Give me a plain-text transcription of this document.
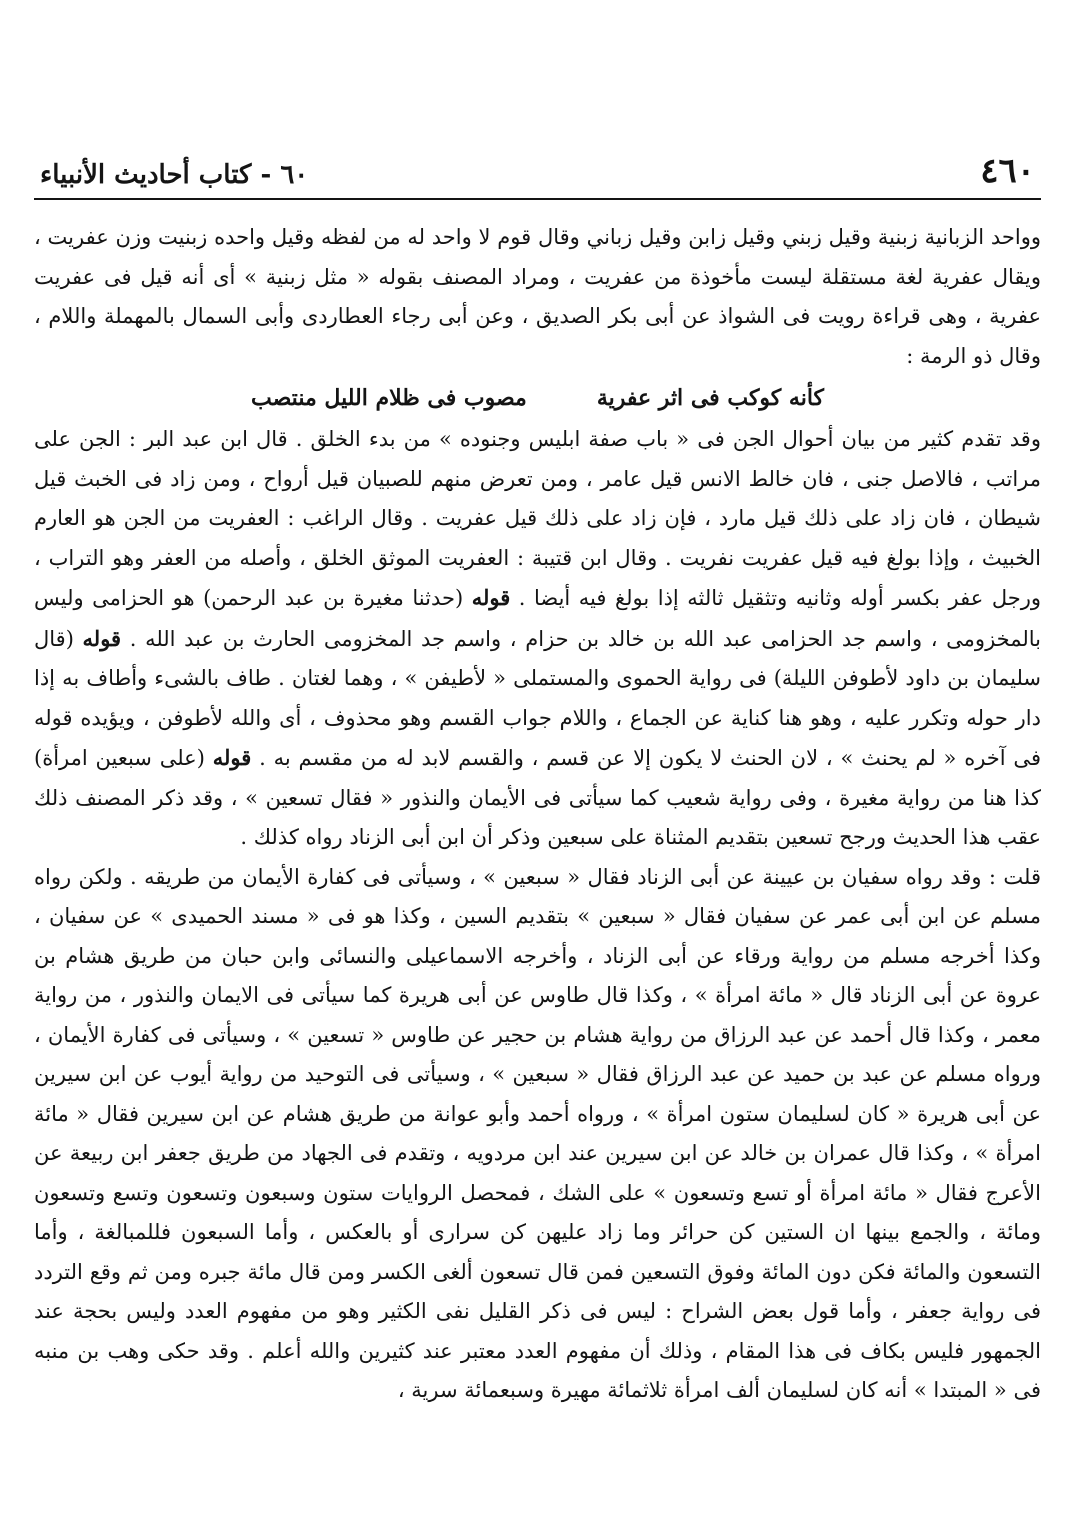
٤٦٠
٦٠ - كتاب أحاديث الأنبياء

وواحد الزبانية زبنية وقيل زبني وقيل زابن وقيل زباني وقال قوم لا واحد له من لفظه وقيل واحده زبنيت وزن عفريت ، ويقال عفرية لغة مستقلة ليست مأخوذة من عفريت ، ومراد المصنف بقوله « مثل زبنية » أى أنه قيل فى عفريت عفرية ، وهى قراءة رويت فى الشواذ عن أبى بكر الصديق ، وعن أبى رجاء العطاردى وأبى السمال بالمهملة واللام ، وقال ذو الرمة :

كأنه كوكب فى اثر عفرية
مصوب فى ظلام الليل منتصب

وقد تقدم كثير من بيان أحوال الجن فى « باب صفة ابليس وجنوده » من بدء الخلق . قال ابن عبد البر : الجن على مراتب ، فالاصل جنى ، فان خالط الانس قيل عامر ، ومن تعرض منهم للصبيان قيل أرواح ، ومن زاد فى الخبث قيل شيطان ، فان زاد على ذلك قيل مارد ، فإن زاد على ذلك قيل عفريت . وقال الراغب : العفريت من الجن هو العارم الخبيث ، وإذا بولغ فيه قيل عفريت نفريت . وقال ابن قتيبة : العفريت الموثق الخلق ، وأصله من العفر وهو التراب ، ورجل عفر بكسر أوله وثانيه وتثقيل ثالثه إذا بولغ فيه أيضا . قوله (حدثنا مغيرة بن عبد الرحمن) هو الحزامى وليس بالمخزومى ، واسم جد الحزامى عبد الله بن خالد بن حزام ، واسم جد المخزومى الحارث بن عبد الله . قوله (قال سليمان بن داود لأطوفن الليلة) فى رواية الحموى والمستملى « لأطيفن » ، وهما لغتان . طاف بالشىء وأطاف به إذا دار حوله وتكرر عليه ، وهو هنا كناية عن الجماع ، واللام جواب القسم وهو محذوف ، أى والله لأطوفن ، ويؤيده قوله فى آخره « لم يحنث » ، لان الحنث لا يكون إلا عن قسم ، والقسم لابد له من مقسم به . قوله (على سبعين امرأة) كذا هنا من رواية مغيرة ، وفى رواية شعيب كما سيأتى فى الأيمان والنذور « فقال تسعين » ، وقد ذكر المصنف ذلك عقب هذا الحديث ورجح تسعين بتقديم المثناة على سبعين وذكر أن ابن أبى الزناد رواه كذلك .

قلت : وقد رواه سفيان بن عيينة عن أبى الزناد فقال « سبعين » ، وسيأتى فى كفارة الأيمان من طريقه . ولكن رواه مسلم عن ابن أبى عمر عن سفيان فقال « سبعين » بتقديم السين ، وكذا هو فى « مسند الحميدى » عن سفيان ، وكذا أخرجه مسلم من رواية ورقاء عن أبى الزناد ، وأخرجه الاسماعيلى والنسائى وابن حبان من طريق هشام بن عروة عن أبى الزناد قال « مائة امرأة » ، وكذا قال طاوس عن أبى هريرة كما سيأتى فى الايمان والنذور ، من رواية معمر ، وكذا قال أحمد عن عبد الرزاق من رواية هشام بن حجير عن طاوس « تسعين » ، وسيأتى فى كفارة الأيمان ، ورواه مسلم عن عبد بن حميد عن عبد الرزاق فقال « سبعين » ، وسيأتى فى التوحيد من رواية أيوب عن ابن سيرين عن أبى هريرة « كان لسليمان ستون امرأة » ، ورواه أحمد وأبو عوانة من طريق هشام عن ابن سيرين فقال « مائة امرأة » ، وكذا قال عمران بن خالد عن ابن سيرين عند ابن مردويه ، وتقدم فى الجهاد من طريق جعفر ابن ربيعة عن الأعرج فقال « مائة امرأة أو تسع وتسعون » على الشك ، فمحصل الروايات ستون وسبعون وتسعون وتسع وتسعون ومائة ، والجمع بينها ان الستين كن حرائر وما زاد عليهن كن سرارى أو بالعكس ، وأما السبعون فللمبالغة ، وأما التسعون والمائة فكن دون المائة وفوق التسعين فمن قال تسعون ألغى الكسر ومن قال مائة جبره ومن ثم وقع التردد فى رواية جعفر ، وأما قول بعض الشراح : ليس فى ذكر القليل نفى الكثير وهو من مفهوم العدد وليس بحجة عند الجمهور فليس بكاف فى هذا المقام ، وذلك أن مفهوم العدد معتبر عند كثيرين والله أعلم . وقد حكى وهب بن منبه فى « المبتدا » أنه كان لسليمان ألف امرأة ثلاثمائة مهيرة وسبعمائة سرية ،
